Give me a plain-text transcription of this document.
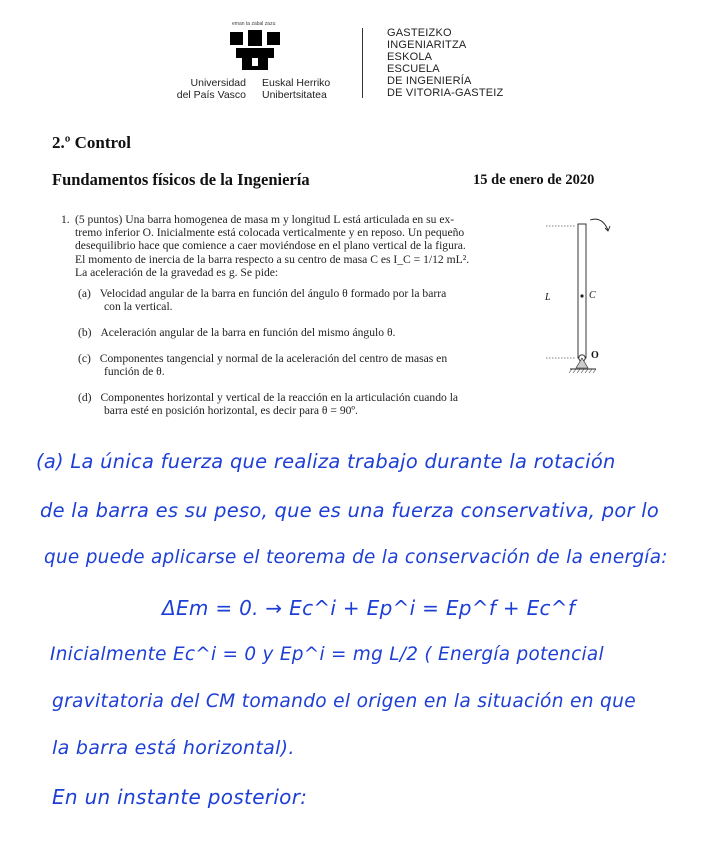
eman ta zabal zazu
Universidad
del País Vasco
Euskal Herriko
Unibertsitatea
GASTEIZKO
INGENIARITZA
ESKOLA
ESCUELA
DE INGENIERÍA
DE VITORIA-GASTEIZ
2.º Control
Fundamentos físicos de la Ingeniería	15 de enero de 2020
1. (5 puntos) Una barra homogenea de masa m y longitud L está articulada en su ex-

tremo inferior O. Inicialmente está colocada verticalmente y en reposo. Un pequeño

desequilibrio hace que comience a caer moviéndose en el plano vertical de la figura.

El momento de inercia de la barra respecto a su centro de masa C es I_C = 1/12 mL².

La aceleración de la gravedad es g. Se pide:

(a) Velocidad angular de la barra en función del ángulo θ formado por la barra
con la vertical.
(b) Aceleración angular de la barra en función del mismo ángulo θ.
(c) Componentes tangencial y normal de la aceleración del centro de masas en
función de θ.
(d) Componentes horizontal y vertical de la reacción en la articulación cuando la
barra esté en posición horizontal, es decir para θ = 90º.
L	C
O
(a) La única fuerza que realiza trabajo durante la rotación
de la barra es su peso, que es una fuerza conservativa, por lo
que puede aplicarse el teorema de la conservación de la energía:
ΔEm = 0. → Ec^i + Ep^i = Ep^f + Ec^f
Inicialmente Ec^i = 0 y Ep^i = mg L/2 ( Energía potencial
gravitatoria del CM tomando el origen en la situación en que
la barra está horizontal).
En un instante posterior:
